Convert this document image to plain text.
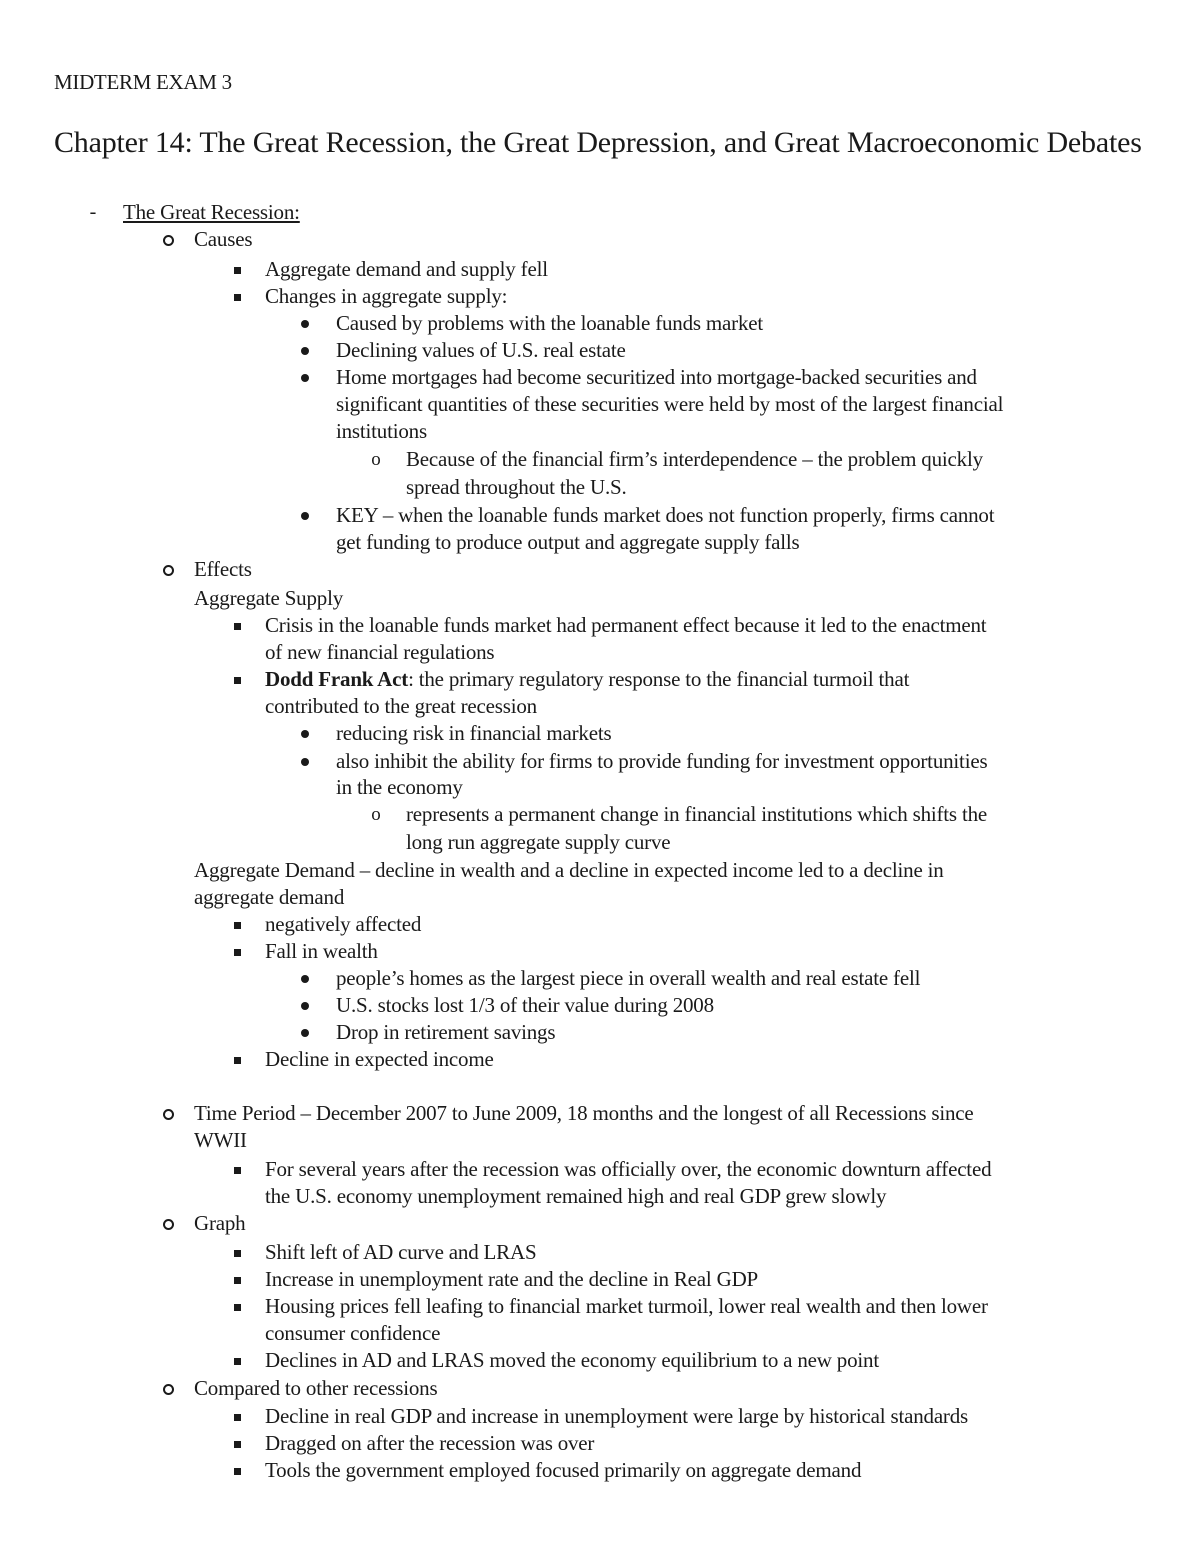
MIDTERM EXAM 3
Chapter 14: The Great Recession, the Great Depression, and Great Macroeconomic Debates
- The Great Recession:
Causes
Aggregate demand and supply fell
Changes in aggregate supply:
Caused by problems with the loanable funds market
Declining values of U.S. real estate
Home mortgages had become securitized into mortgage-backed securities and
significant quantities of these securities were held by most of the largest financial
institutions
o Because of the financial firm’s interdependence – the problem quickly
spread throughout the U.S.
KEY – when the loanable funds market does not function properly, firms cannot
get funding to produce output and aggregate supply falls
Effects
Aggregate Supply
Crisis in the loanable funds market had permanent effect because it led to the enactment
of new financial regulations
Dodd Frank Act: the primary regulatory response to the financial turmoil that
contributed to the great recession
reducing risk in financial markets
also inhibit the ability for firms to provide funding for investment opportunities
in the economy
o represents a permanent change in financial institutions which shifts the
long run aggregate supply curve
Aggregate Demand – decline in wealth and a decline in expected income led to a decline in
aggregate demand
negatively affected
Fall in wealth
people’s homes as the largest piece in overall wealth and real estate fell
U.S. stocks lost 1/3 of their value during 2008
Drop in retirement savings
Decline in expected income
Time Period – December 2007 to June 2009, 18 months and the longest of all Recessions since
WWII
For several years after the recession was officially over, the economic downturn affected
the U.S. economy unemployment remained high and real GDP grew slowly
Graph
Shift left of AD curve and LRAS
Increase in unemployment rate and the decline in Real GDP
Housing prices fell leafing to financial market turmoil, lower real wealth and then lower
consumer confidence
Declines in AD and LRAS moved the economy equilibrium to a new point
Compared to other recessions
Decline in real GDP and increase in unemployment were large by historical standards
Dragged on after the recession was over
Tools the government employed focused primarily on aggregate demand
